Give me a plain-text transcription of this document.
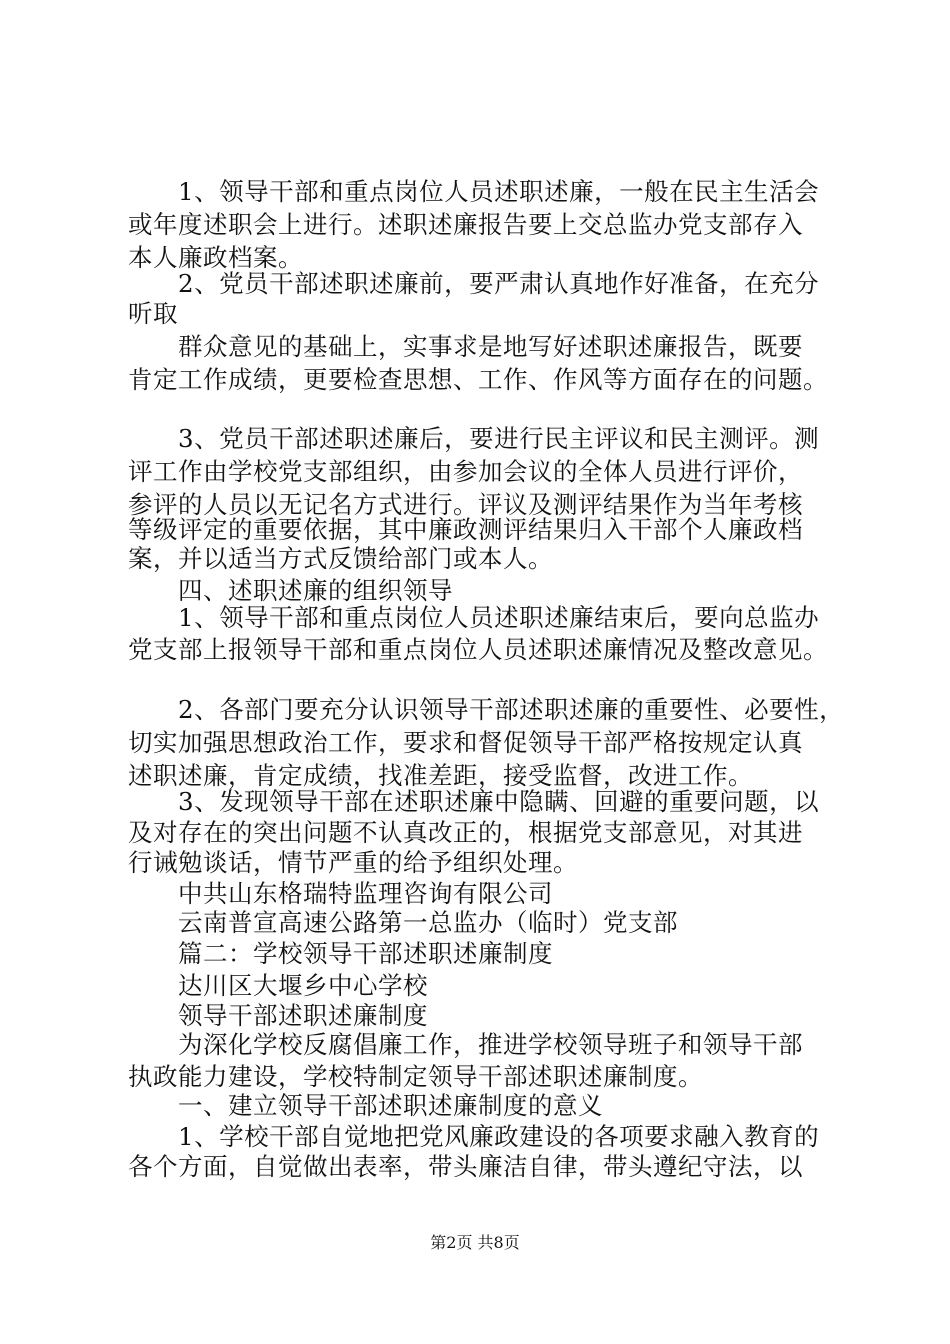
　　1、领导干部和重点岗位人员述职述廉，一般在民主生活会
或年度述职会上进行。述职述廉报告要上交总监办党支部存入
本人廉政档案。
　　2、党员干部述职述廉前，要严肃认真地作好准备，在充分
听取
　　群众意见的基础上，实事求是地写好述职述廉报告，既要
肯定工作成绩，更要检查思想、工作、作风等方面存在的问题。
　　3、党员干部述职述廉后，要进行民主评议和民主测评。测
评工作由学校党支部组织，由参加会议的全体人员进行评价，
参评的人员以无记名方式进行。评议及测评结果作为当年考核
等级评定的重要依据，其中廉政测评结果归入干部个人廉政档
案，并以适当方式反馈给部门或本人。
　　四、述职述廉的组织领导
　　1、领导干部和重点岗位人员述职述廉结束后，要向总监办
党支部上报领导干部和重点岗位人员述职述廉情况及整改意见。
　　2、各部门要充分认识领导干部述职述廉的重要性、必要性，
切实加强思想政治工作，要求和督促领导干部严格按规定认真
述职述廉，肯定成绩，找准差距，接受监督，改进工作。
　　3、发现领导干部在述职述廉中隐瞒、回避的重要问题，以
及对存在的突出问题不认真改正的，根据党支部意见，对其进
行诫勉谈话，情节严重的给予组织处理。
　　中共山东格瑞特监理咨询有限公司
　　云南普宣高速公路第一总监办（临时）党支部
　　篇二：学校领导干部述职述廉制度
　　达川区大堰乡中心学校
　　领导干部述职述廉制度
　　为深化学校反腐倡廉工作，推进学校领导班子和领导干部
执政能力建设，学校特制定领导干部述职述廉制度。
　　一、建立领导干部述职述廉制度的意义
　　1、学校干部自觉地把党风廉政建设的各项要求融入教育的
各个方面，自觉做出表率，带头廉洁自律，带头遵纪守法，以
第2页 共8页
